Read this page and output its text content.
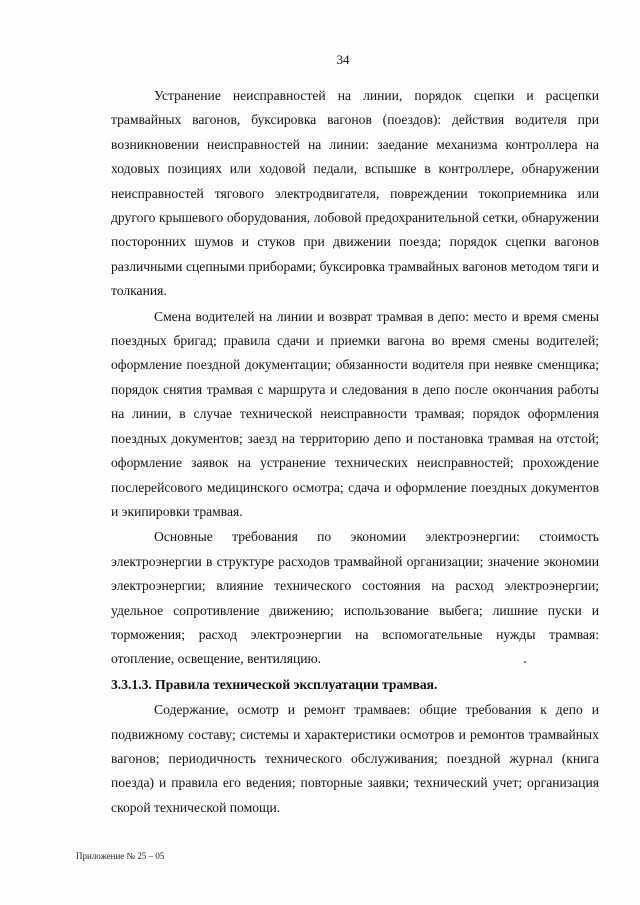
34

Устранение неисправностей на линии, порядок сцепки и расцепки трамвайных вагонов, буксировка вагонов (поездов): действия водителя при возникновении неисправностей на линии: заедание механизма контроллера на ходовых позициях или ходовой педали, вспышке в контроллере, обнаружении неисправностей тягового электродвигателя, повреждении токоприемника или другого крышевого оборудования, лобовой предохранительной сетки, обнаружении посторонних шумов и стуков при движении поезда; порядок сцепки вагонов различными сцепными приборами; буксировка трамвайных вагонов методом тяги и толкания.

Смена водителей на линии и возврат трамвая в депо: место и время смены поездных бригад; правила сдачи и приемки вагона во время смены водителей; оформление поездной документации; обязанности водителя при неявке сменщика; порядок снятия трамвая с маршрута и следования в депо после окончания работы на линии, в случае технической неисправности трамвая; порядок оформления поездных документов; заезд на территорию депо и постановка трамвая на отстой; оформление заявок на устранение технических неисправностей; прохождение послерейсового медицинского осмотра; сдача и оформление поездных документов и экипировки трамвая.

Основные требования по экономии электроэнергии: стоимость электроэнергии в структуре расходов трамвайной организации; значение экономии электроэнергии; влияние технического состояния на расход электроэнергии; удельное сопротивление движению; использование выбега; лишние пуски и торможения; расход электроэнергии на вспомогательные нужды трамвая: отопление, освещение, вентиляцию.

3.3.1.3. Правила технической эксплуатации трамвая.

Содержание, осмотр и ремонт трамваев: общие требования к депо и подвижному составу; системы и характеристики осмотров и ремонтов трамвайных вагонов; периодичность технического обслуживания; поездной журнал (книга поезда) и правила его ведения; повторные заявки; технический учет; организация скорой технической помощи.

Приложение № 25 – 05
